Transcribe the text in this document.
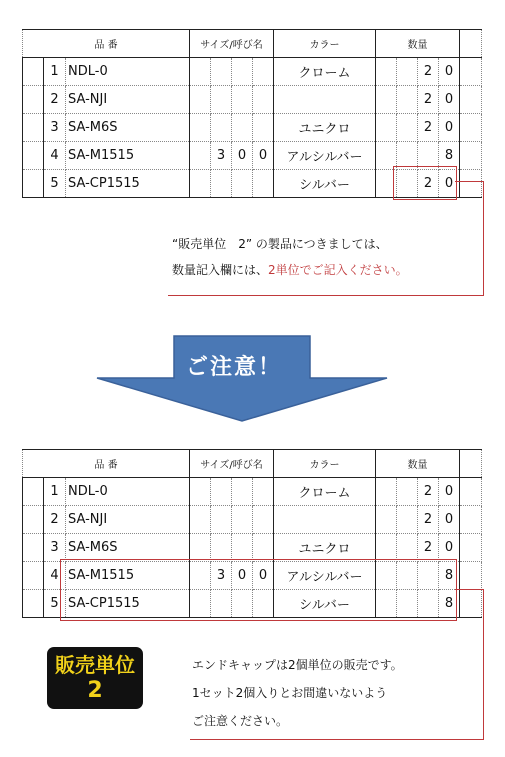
品 番			サイズ/呼び名				カラー	数量				
	1	NDL-0					クローム			2	0	
	2	SA-NJI								2	0	
	3	SA-M6S					ユニクロ			2	0	
	4	SA-M1515		3	0	0	アルシルバー				8	
	5	SA-CP1515					シルバー			2	0	
“販売単位　2” の製品につきましては、
数量記入欄には、2単位でご記入ください。
ご注意！
品 番			サイズ/呼び名				カラー	数量				
	1	NDL-0					クローム			2	0	
	2	SA-NJI								2	0	
	3	SA-M6S					ユニクロ			2	0	
	4	SA-M1515		3	0	0	アルシルバー				8	
	5	SA-CP1515					シルバー				8	
販売単位
2
エンドキャップは2個単位の販売です。
1セット2個入りとお間違いないよう
ご注意ください。
